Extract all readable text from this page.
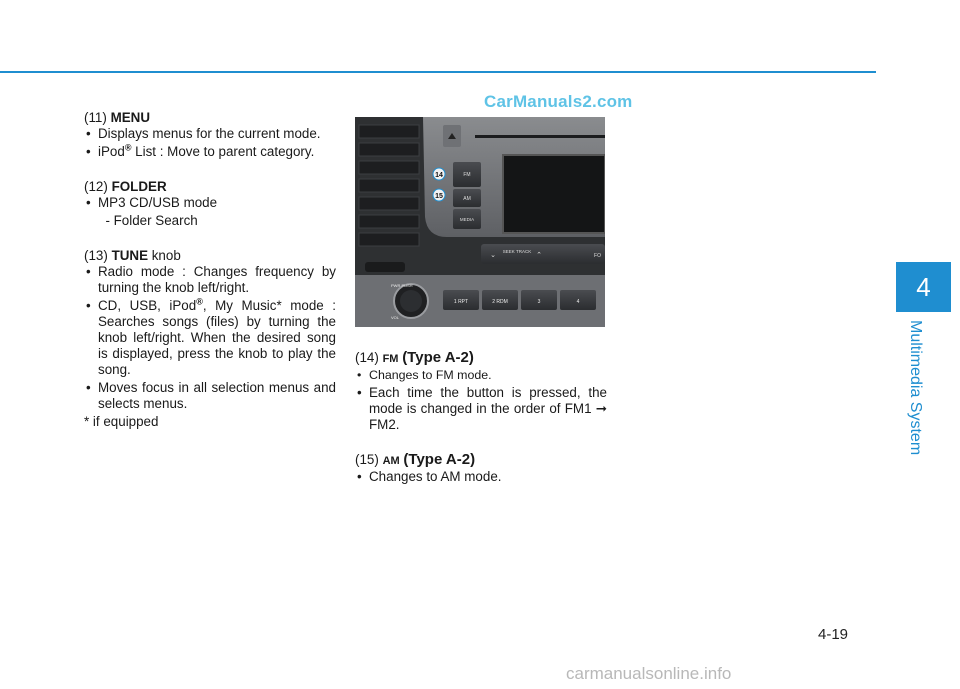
CarManuals2.com

(11) MENU

• Displays menus for the current mode.

• iPod® List : Move to parent category.

(12) FOLDER

• MP3 CD/USB mode

- Folder Search

(13) TUNE knob

• Radio mode : Changes frequency by turning the knob left/right.

• CD, USB, iPod®, My Music* mode : Searches songs (files) by turning the knob left/right. When the desired song is displayed, press the knob to play the song.

• Moves focus in all selection menus and selects menus.

* if equipped

FM
AM
MEDIA
14
15
SEEK TRACK
⌄	⌃	FO
PWR PUSH
VOL
1 RPT	2 RDM	3	4

(14) FM (Type A-2)

• Changes to FM mode.

• Each time the button is pressed, the mode is changed in the order of FM1 ➞ FM2.

(15) AM (Type A-2)

• Changes to AM mode.

4
Multimedia System
4-19
carmanualsonline.info
